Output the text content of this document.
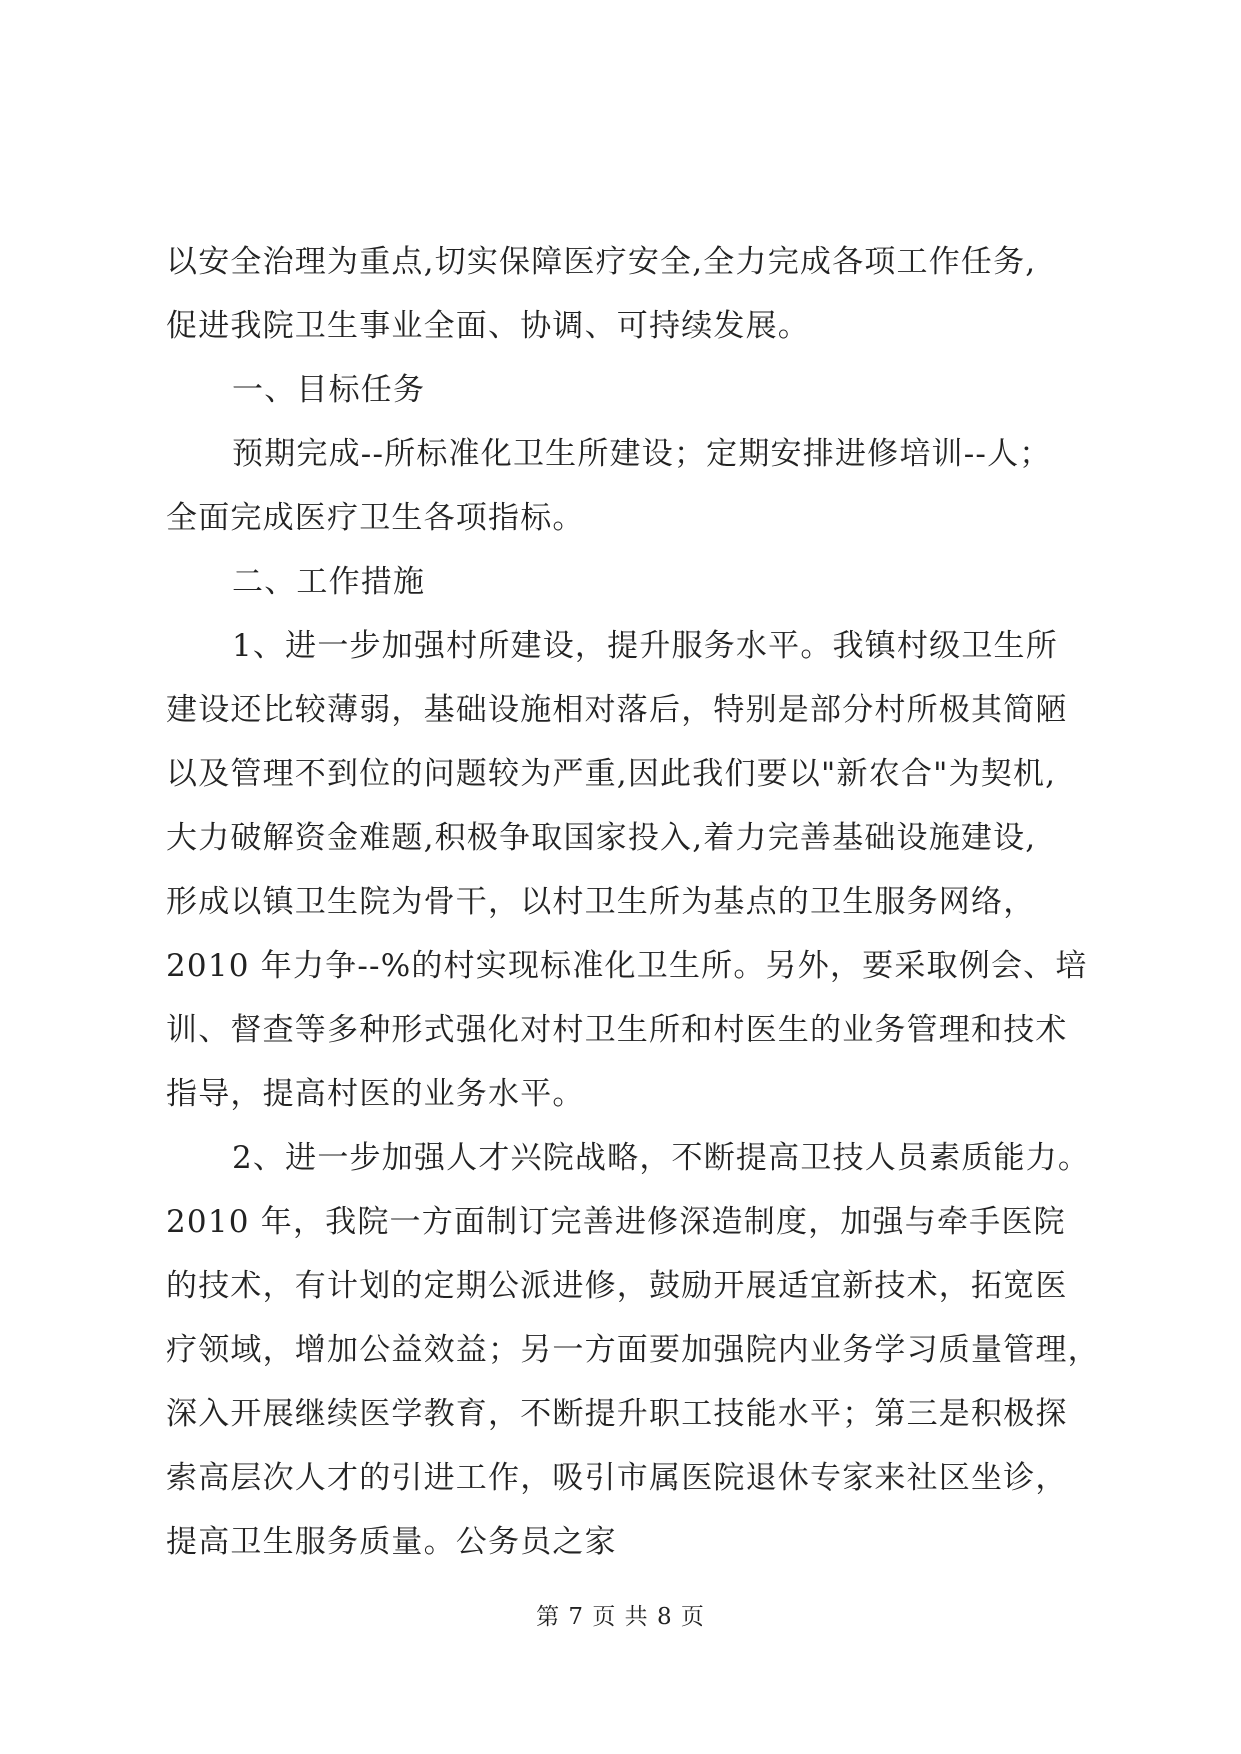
以安全治理为重点,切实保障医疗安全,全力完成各项工作任务,
促进我院卫生事业全面、协调、可持续发展。
一、目标任务
预期完成--所标准化卫生所建设；定期安排进修培训--人；
全面完成医疗卫生各项指标。
二、工作措施
1、进一步加强村所建设，提升服务水平。我镇村级卫生所
建设还比较薄弱，基础设施相对落后，特别是部分村所极其简陋
以及管理不到位的问题较为严重,因此我们要以"新农合"为契机,
大力破解资金难题,积极争取国家投入,着力完善基础设施建设,
形成以镇卫生院为骨干，以村卫生所为基点的卫生服务网络，
2010 年力争--%的村实现标准化卫生所。另外，要采取例会、培
训、督查等多种形式强化对村卫生所和村医生的业务管理和技术
指导，提高村医的业务水平。
2、进一步加强人才兴院战略，不断提高卫技人员素质能力。
2010 年，我院一方面制订完善进修深造制度，加强与牵手医院
的技术，有计划的定期公派进修，鼓励开展适宜新技术，拓宽医
疗领域，增加公益效益；另一方面要加强院内业务学习质量管理，
深入开展继续医学教育，不断提升职工技能水平；第三是积极探
索高层次人才的引进工作，吸引市属医院退休专家来社区坐诊，
提高卫生服务质量。公务员之家
第 7 页 共 8 页
